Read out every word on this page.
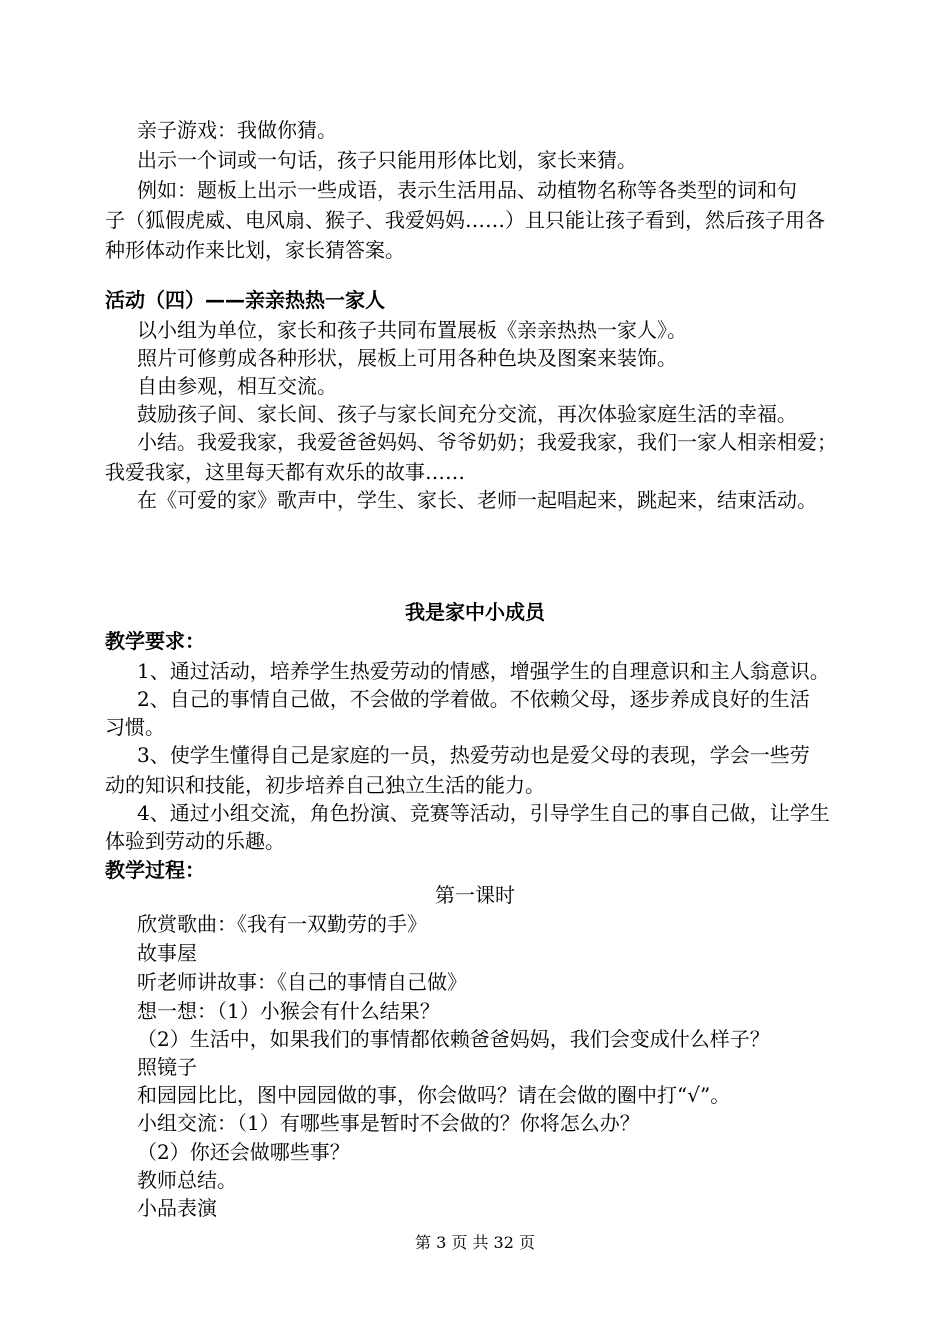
亲子游戏：我做你猜。
出示一个词或一句话，孩子只能用形体比划，家长来猜。
例如：题板上出示一些成语，表示生活用品、动植物名称等各类型的词和句
子（狐假虎威、电风扇、猴子、我爱妈妈……）且只能让孩子看到，然后孩子用各
种形体动作来比划，家长猜答案。
活动（四）——亲亲热热一家人
以小组为单位，家长和孩子共同布置展板《亲亲热热一家人》。
照片可修剪成各种形状，展板上可用各种色块及图案来装饰。
自由参观，相互交流。
鼓励孩子间、家长间、孩子与家长间充分交流，再次体验家庭生活的幸福。
小结。我爱我家，我爱爸爸妈妈、爷爷奶奶；我爱我家，我们一家人相亲相爱；
我爱我家，这里每天都有欢乐的故事……
在《可爱的家》歌声中，学生、家长、老师一起唱起来，跳起来，结束活动。
我是家中小成员
教学要求：
1、通过活动，培养学生热爱劳动的情感，增强学生的自理意识和主人翁意识。
2、自己的事情自己做，不会做的学着做。不依赖父母，逐步养成良好的生活
习惯。
3、使学生懂得自己是家庭的一员，热爱劳动也是爱父母的表现，学会一些劳
动的知识和技能，初步培养自己独立生活的能力。
4、通过小组交流，角色扮演、竞赛等活动，引导学生自己的事自己做，让学生
体验到劳动的乐趣。
教学过程：
第一课时
欣赏歌曲：《我有一双勤劳的手》
故事屋
听老师讲故事：《自己的事情自己做》
想一想：（1）小猴会有什么结果？
（2）生活中，如果我们的事情都依赖爸爸妈妈，我们会变成什么样子？
照镜子
和园园比比，图中园园做的事，你会做吗？请在会做的圈中打“√”。
小组交流：（1）有哪些事是暂时不会做的？你将怎么办？
（2）你还会做哪些事？
教师总结。
小品表演
第 3 页 共 32 页
